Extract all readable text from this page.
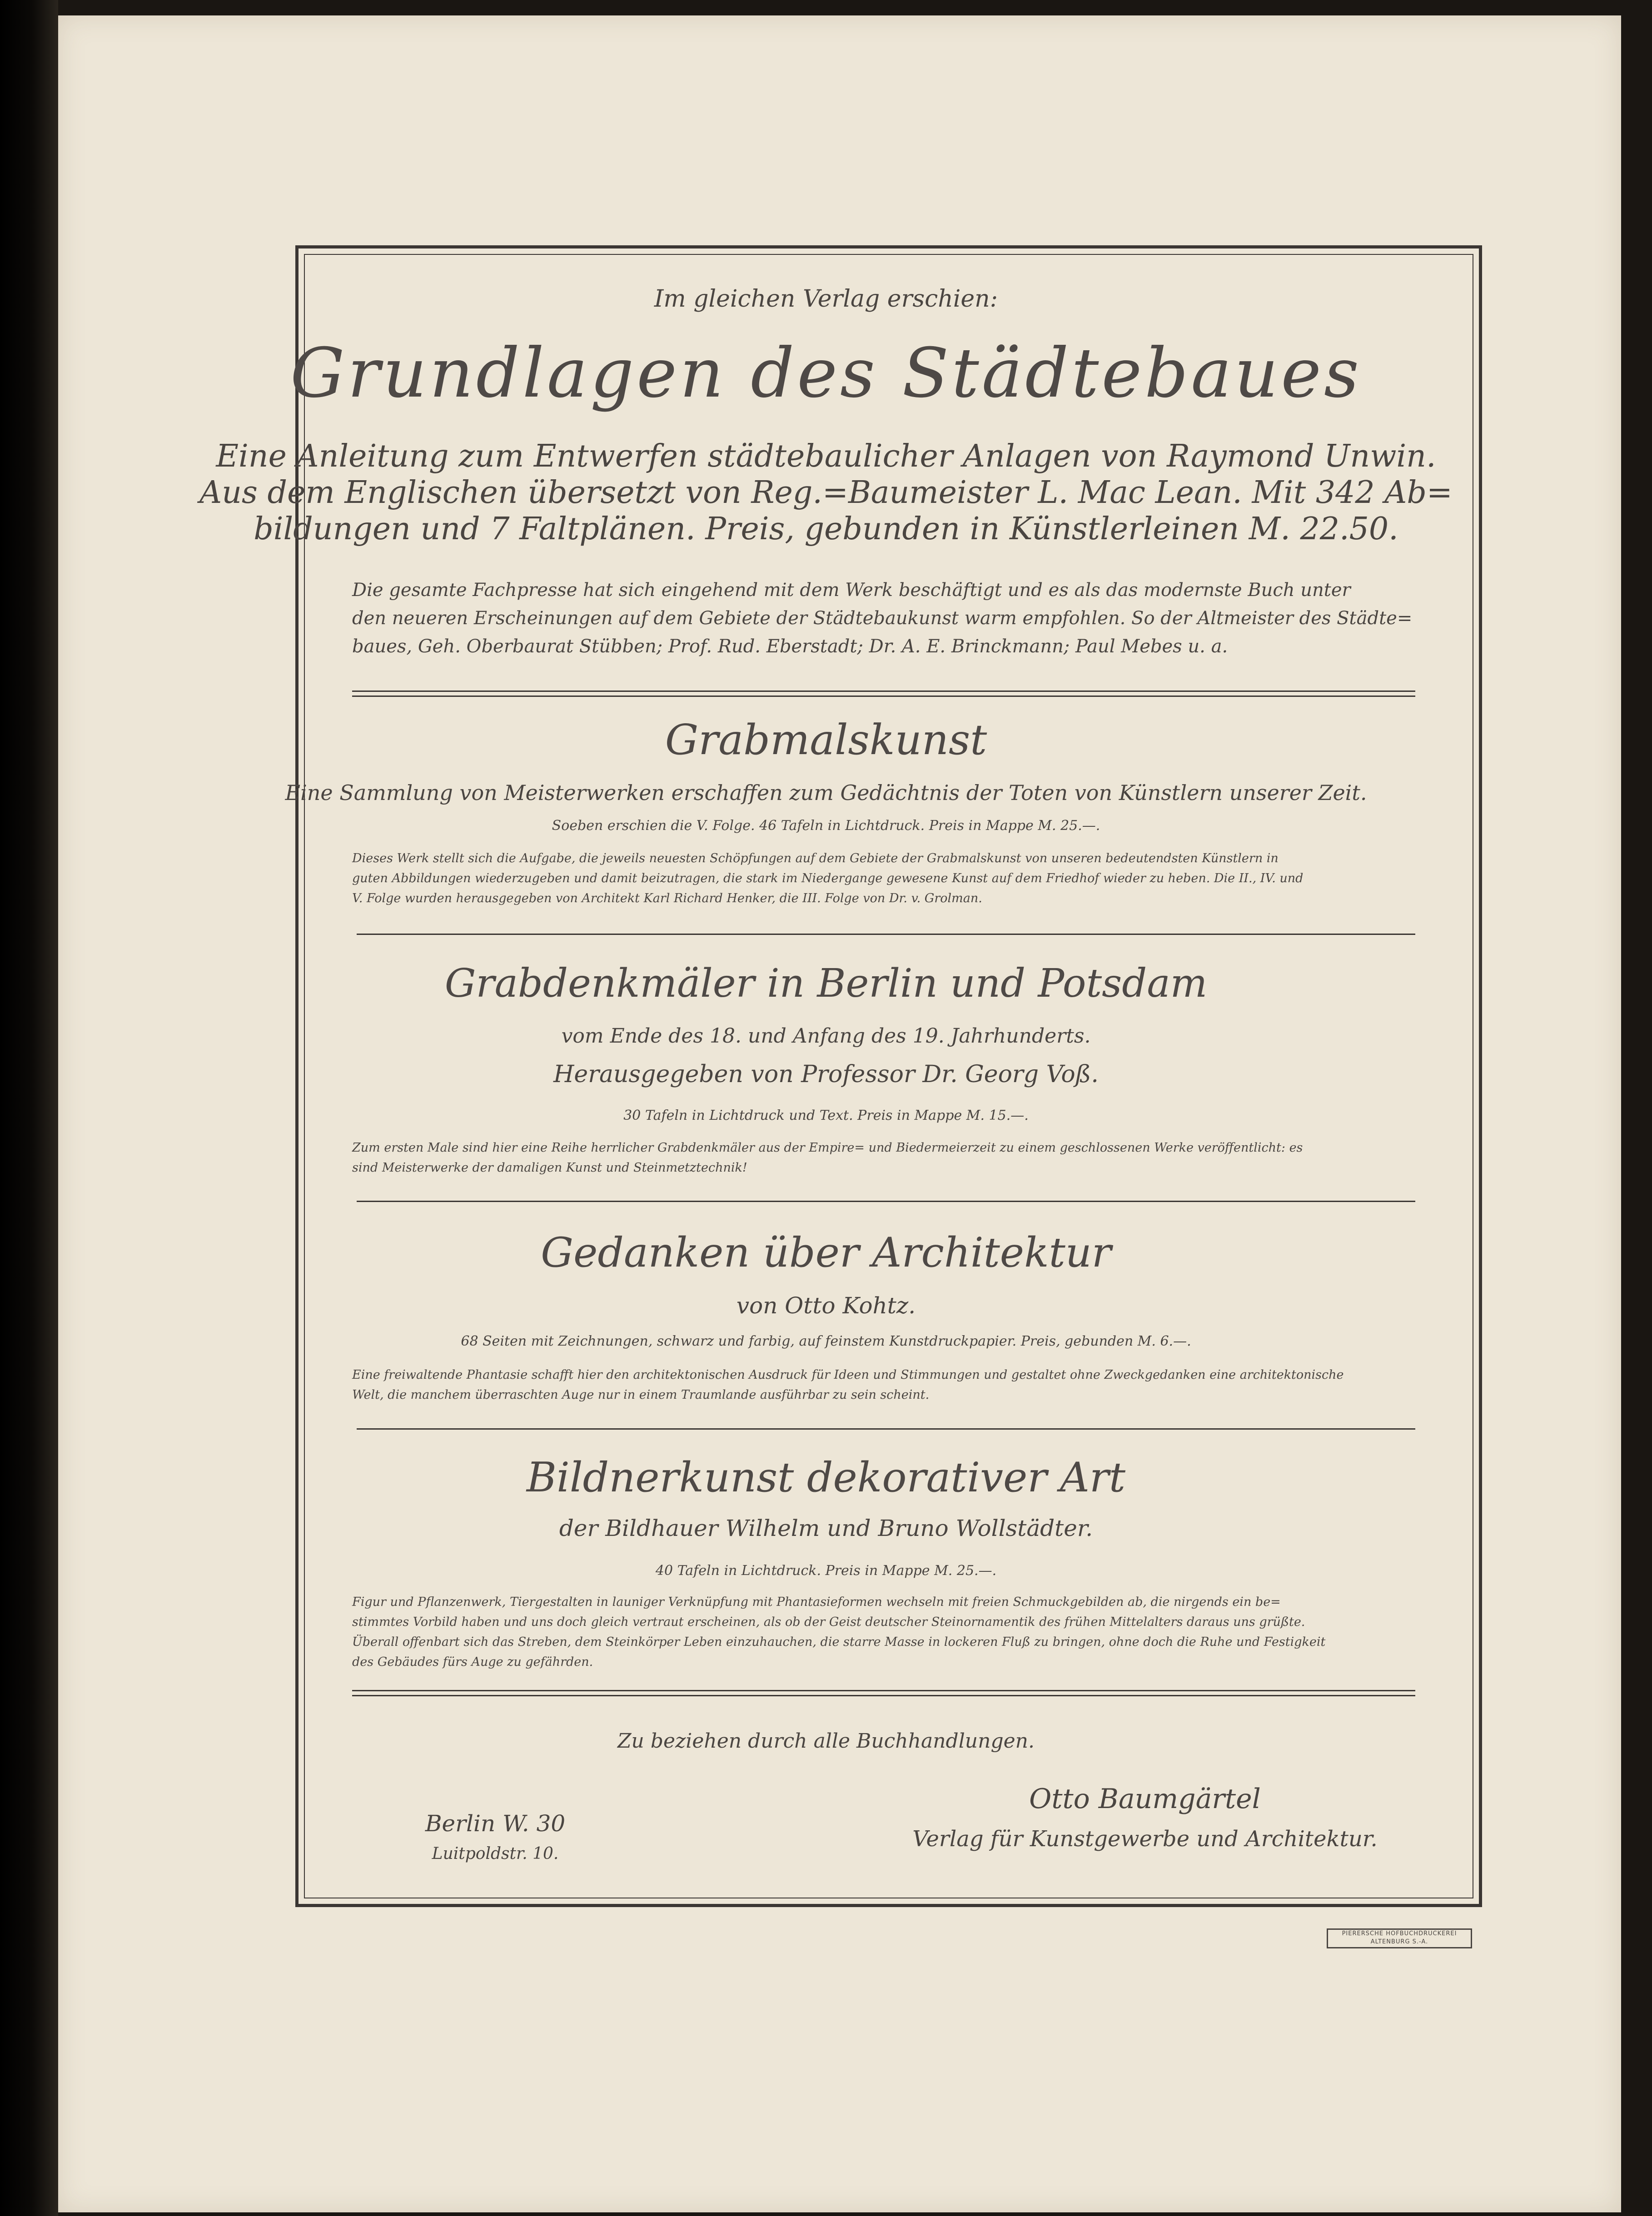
Im gleichen Verlag erschien:
Grundlagen des Städtebaues
Eine Anleitung zum Entwerfen städtebaulicher Anlagen von Raymond Unwin.
Aus dem Englischen übersetzt von Reg.=Baumeister L. Mac Lean. Mit 342 Ab=
bildungen und 7 Faltplänen. Preis, gebunden in Künstlerleinen M. 22.50.
Die gesamte Fachpresse hat sich eingehend mit dem Werk beschäftigt und es als das modernste Buch unter
den neueren Erscheinungen auf dem Gebiete der Städtebaukunst warm empfohlen. So der Altmeister des Städte=
baues, Geh. Oberbaurat Stübben; Prof. Rud. Eberstadt; Dr. A. E. Brinckmann; Paul Mebes u. a.
Grabmalskunst
Eine Sammlung von Meisterwerken erschaffen zum Gedächtnis der Toten von Künstlern unserer Zeit.
Soeben erschien die V. Folge. 46 Tafeln in Lichtdruck. Preis in Mappe M. 25.—.
Dieses Werk stellt sich die Aufgabe, die jeweils neuesten Schöpfungen auf dem Gebiete der Grabmalskunst von unseren bedeutendsten Künstlern in
guten Abbildungen wiederzugeben und damit beizutragen, die stark im Niedergange gewesene Kunst auf dem Friedhof wieder zu heben. Die II., IV. und
V. Folge wurden herausgegeben von Architekt Karl Richard Henker, die III. Folge von Dr. v. Grolman.
Grabdenkmäler in Berlin und Potsdam
vom Ende des 18. und Anfang des 19. Jahrhunderts.
Herausgegeben von Professor Dr. Georg Voß.
30 Tafeln in Lichtdruck und Text. Preis in Mappe M. 15.—.
Zum ersten Male sind hier eine Reihe herrlicher Grabdenkmäler aus der Empire= und Biedermeierzeit zu einem geschlossenen Werke veröffentlicht: es
sind Meisterwerke der damaligen Kunst und Steinmetztechnik!
Gedanken über Architektur
von Otto Kohtz.
68 Seiten mit Zeichnungen, schwarz und farbig, auf feinstem Kunstdruckpapier. Preis, gebunden M. 6.—.
Eine freiwaltende Phantasie schafft hier den architektonischen Ausdruck für Ideen und Stimmungen und gestaltet ohne Zweckgedanken eine architektonische
Welt, die manchem überraschten Auge nur in einem Traumlande ausführbar zu sein scheint.
Bildnerkunst dekorativer Art
der Bildhauer Wilhelm und Bruno Wollstädter.
40 Tafeln in Lichtdruck. Preis in Mappe M. 25.—.
Figur und Pflanzenwerk, Tiergestalten in launiger Verknüpfung mit Phantasieformen wechseln mit freien Schmuckgebilden ab, die nirgends ein be=
stimmtes Vorbild haben und uns doch gleich vertraut erscheinen, als ob der Geist deutscher Steinornamentik des frühen Mittelalters daraus uns grüßte.
Überall offenbart sich das Streben, dem Steinkörper Leben einzuhauchen, die starre Masse in lockeren Fluß zu bringen, ohne doch die Ruhe und Festigkeit
des Gebäudes fürs Auge zu gefährden.
Zu beziehen durch alle Buchhandlungen.
Berlin W. 30
Luitpoldstr. 10.
Otto Baumgärtel
Verlag für Kunstgewerbe und Architektur.
PIERERSCHE HOFBUCHDRUCKEREI
ALTENBURG S.-A.
